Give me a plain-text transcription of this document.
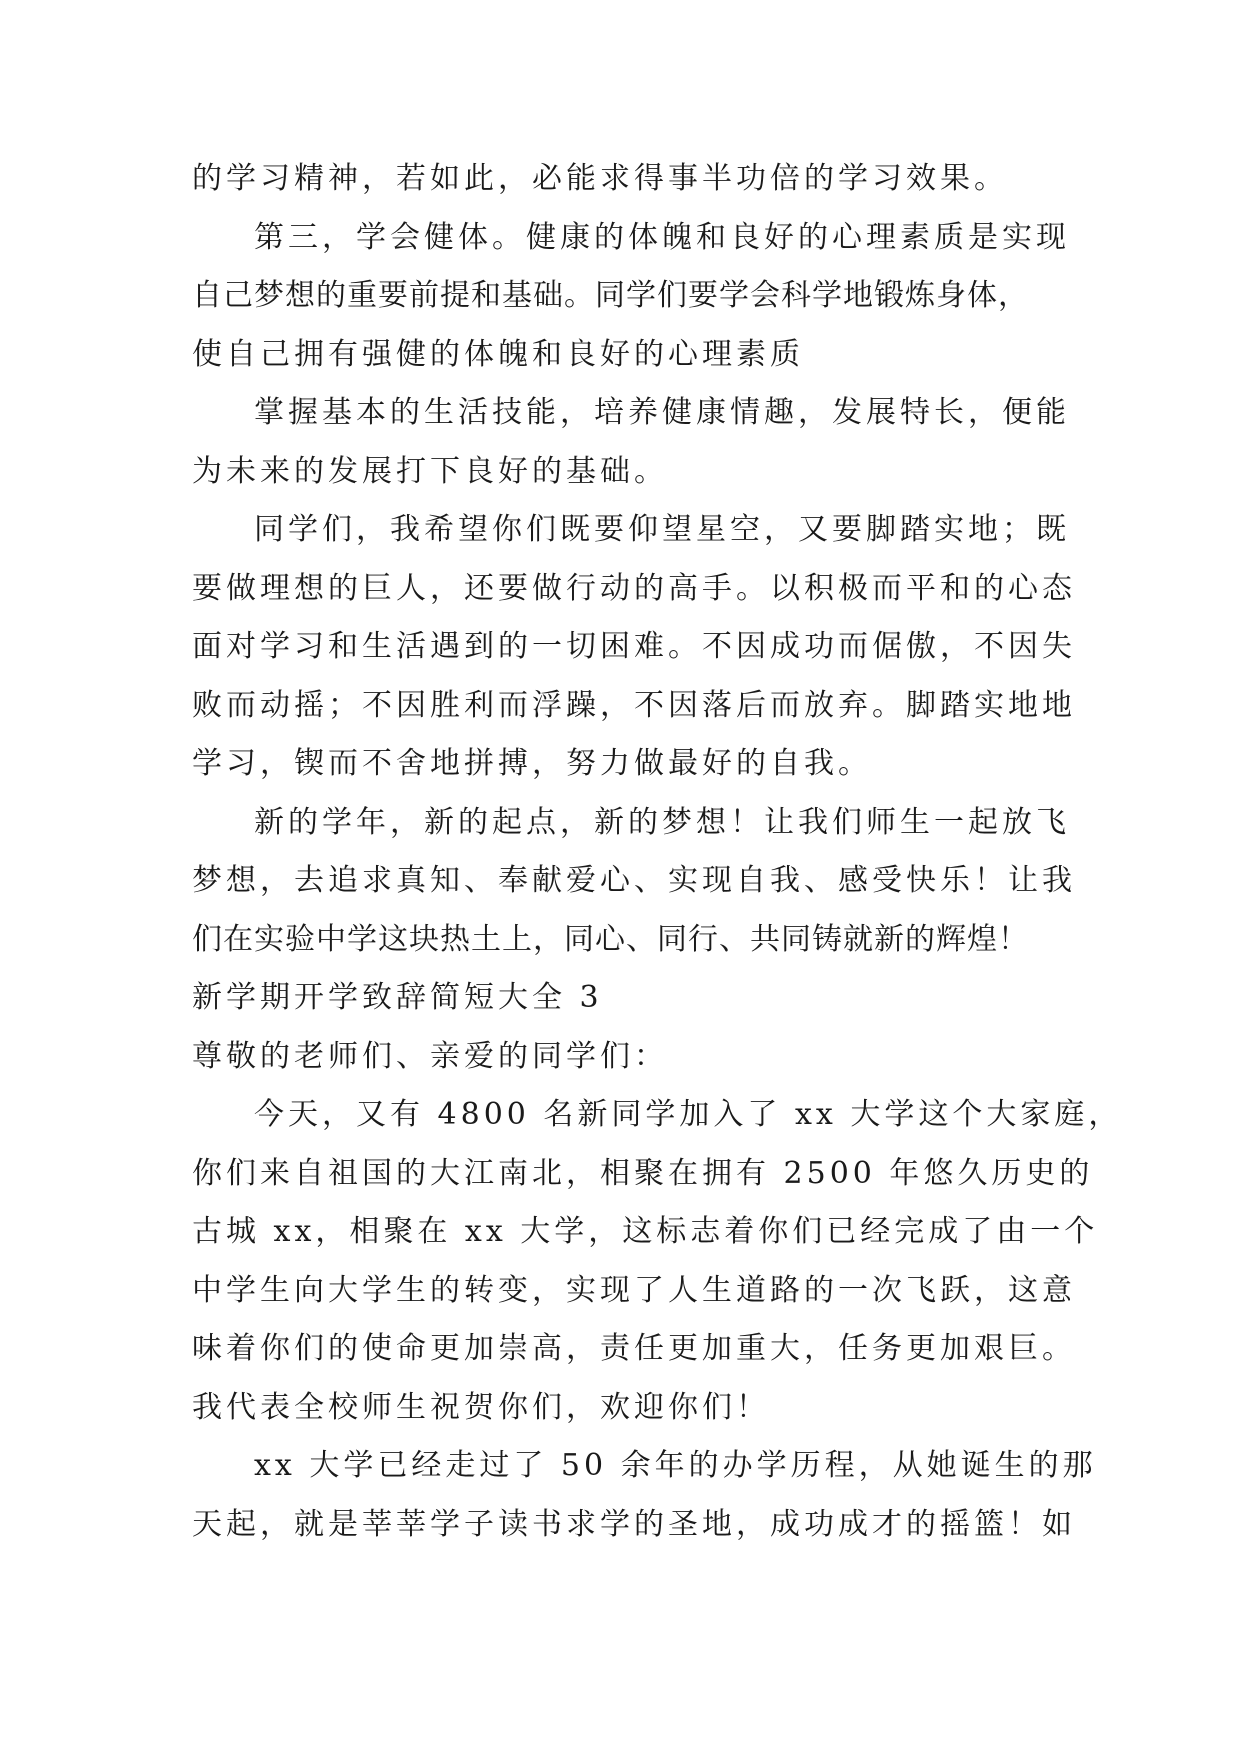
的学习精神，若如此，必能求得事半功倍的学习效果。
第三，学会健体。健康的体魄和良好的心理素质是实现
自己梦想的重要前提和基础。同学们要学会科学地锻炼身体，
使自己拥有强健的体魄和良好的心理素质
掌握基本的生活技能，培养健康情趣，发展特长，便能
为未来的发展打下良好的基础。
同学们，我希望你们既要仰望星空，又要脚踏实地；既
要做理想的巨人，还要做行动的高手。以积极而平和的心态
面对学习和生活遇到的一切困难。不因成功而倨傲，不因失
败而动摇；不因胜利而浮躁，不因落后而放弃。脚踏实地地
学习，锲而不舍地拼搏，努力做最好的自我。
新的学年，新的起点，新的梦想！让我们师生一起放飞
梦想，去追求真知、奉献爱心、实现自我、感受快乐！让我
们在实验中学这块热土上，同心、同行、共同铸就新的辉煌！
新学期开学致辞简短大全 3
尊敬的老师们、亲爱的同学们：
今天，又有 4800 名新同学加入了 xx 大学这个大家庭，
你们来自祖国的大江南北，相聚在拥有 2500 年悠久历史的
古城 xx，相聚在 xx 大学，这标志着你们已经完成了由一个
中学生向大学生的转变，实现了人生道路的一次飞跃，这意
味着你们的使命更加崇高，责任更加重大，任务更加艰巨。
我代表全校师生祝贺你们，欢迎你们！
xx 大学已经走过了 50 余年的办学历程，从她诞生的那
天起，就是莘莘学子读书求学的圣地，成功成才的摇篮！如
